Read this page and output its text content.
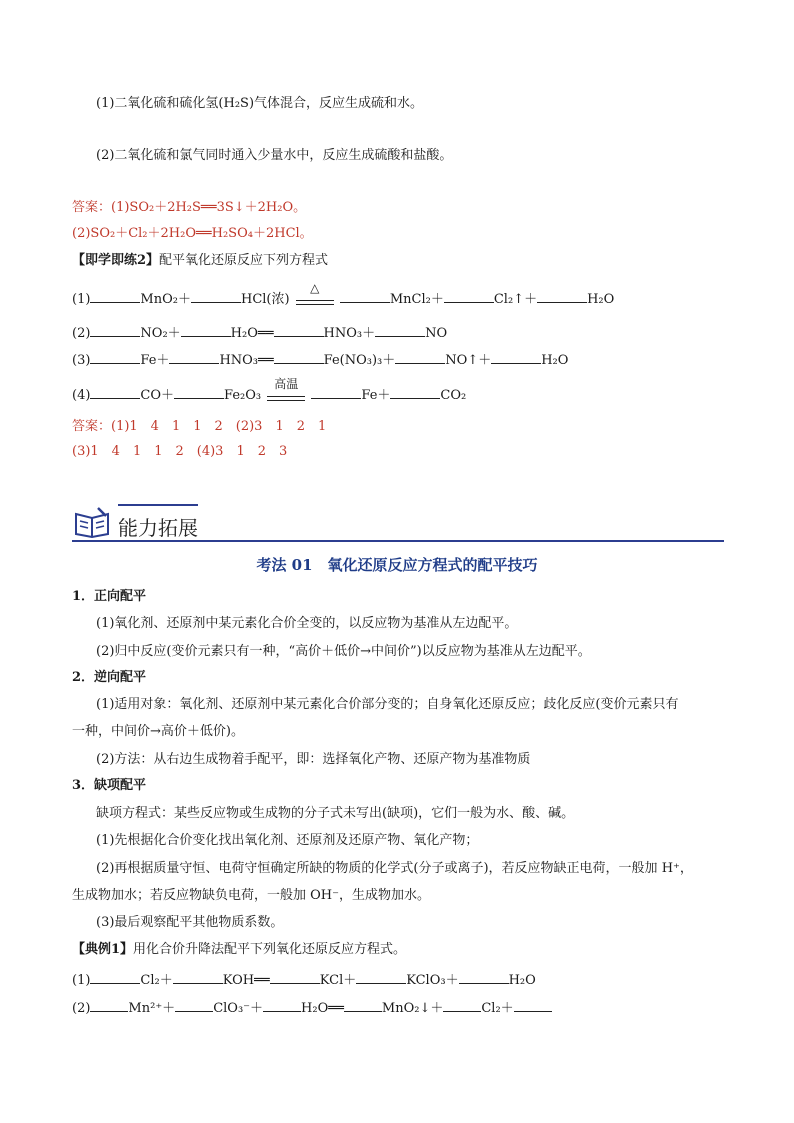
(1)二氧化硫和硫化氢(H₂S)气体混合，反应生成硫和水。
(2)二氧化硫和氯气同时通入少量水中，反应生成硫酸和盐酸。
答案：(1)SO₂＋2H₂S══3S↓＋2H₂O。
(2)SO₂＋Cl₂＋2H₂O══H₂SO₄＋2HCl。
【即学即练2】配平氧化还原反应下列方程式
(1)	MnO₂＋	HCl(浓)
△
MnCl₂＋	Cl₂↑＋	H₂O
(2)	NO₂＋	H₂O══	HNO₃＋	NO
(3)	Fe＋	HNO₃══	Fe(NO₃)₃＋	NO↑＋	H₂O
(4)	CO＋	Fe₂O₃
高温
Fe＋	CO₂
答案：(1)1　4　1　1　2　(2)3　1　2　1
(3)1　4　1　1　2　(4)3　1　2　3
能力拓展
考法 01　氧化还原反应方程式的配平技巧
1．正向配平
(1)氧化剂、还原剂中某元素化合价全变的，以反应物为基准从左边配平。
(2)归中反应(变价元素只有一种，“高价＋低价→中间价”)以反应物为基准从左边配平。
2．逆向配平
(1)适用对象：氧化剂、还原剂中某元素化合价部分变的；自身氧化还原反应；歧化反应(变价元素只有
一种，中间价→高价＋低价)。
(2)方法：从右边生成物着手配平，即：选择氧化产物、还原产物为基准物质
3．缺项配平
缺项方程式：某些反应物或生成物的分子式未写出(缺项)，它们一般为水、酸、碱。
(1)先根据化合价变化找出氧化剂、还原剂及还原产物、氧化产物；
(2)再根据质量守恒、电荷守恒确定所缺的物质的化学式(分子或离子)，若反应物缺正电荷，一般加 H⁺，
生成物加水；若反应物缺负电荷，一般加 OH⁻，生成物加水。
(3)最后观察配平其他物质系数。
【典例1】用化合价升降法配平下列氧化还原反应方程式。
(1)	Cl₂＋	KOH══	KCl＋	KClO₃＋	H₂O
(2)	Mn²⁺＋	ClO₃⁻＋	H₂O══	MnO₂↓＋	Cl₂＋
